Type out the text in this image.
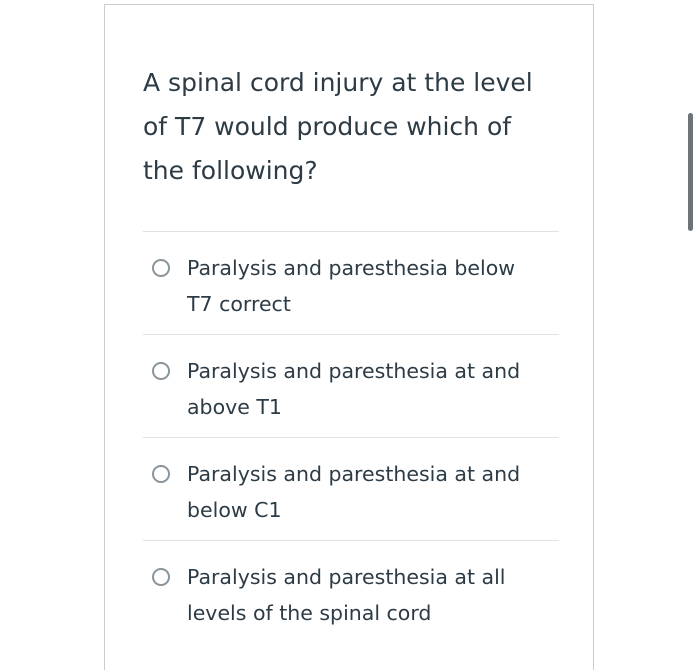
A spinal cord injury at the level of T7 would produce which of the following?
Paralysis and paresthesia below T7 correct
Paralysis and paresthesia at and above T1
Paralysis and paresthesia at and below C1
Paralysis and paresthesia at all levels of the spinal cord
